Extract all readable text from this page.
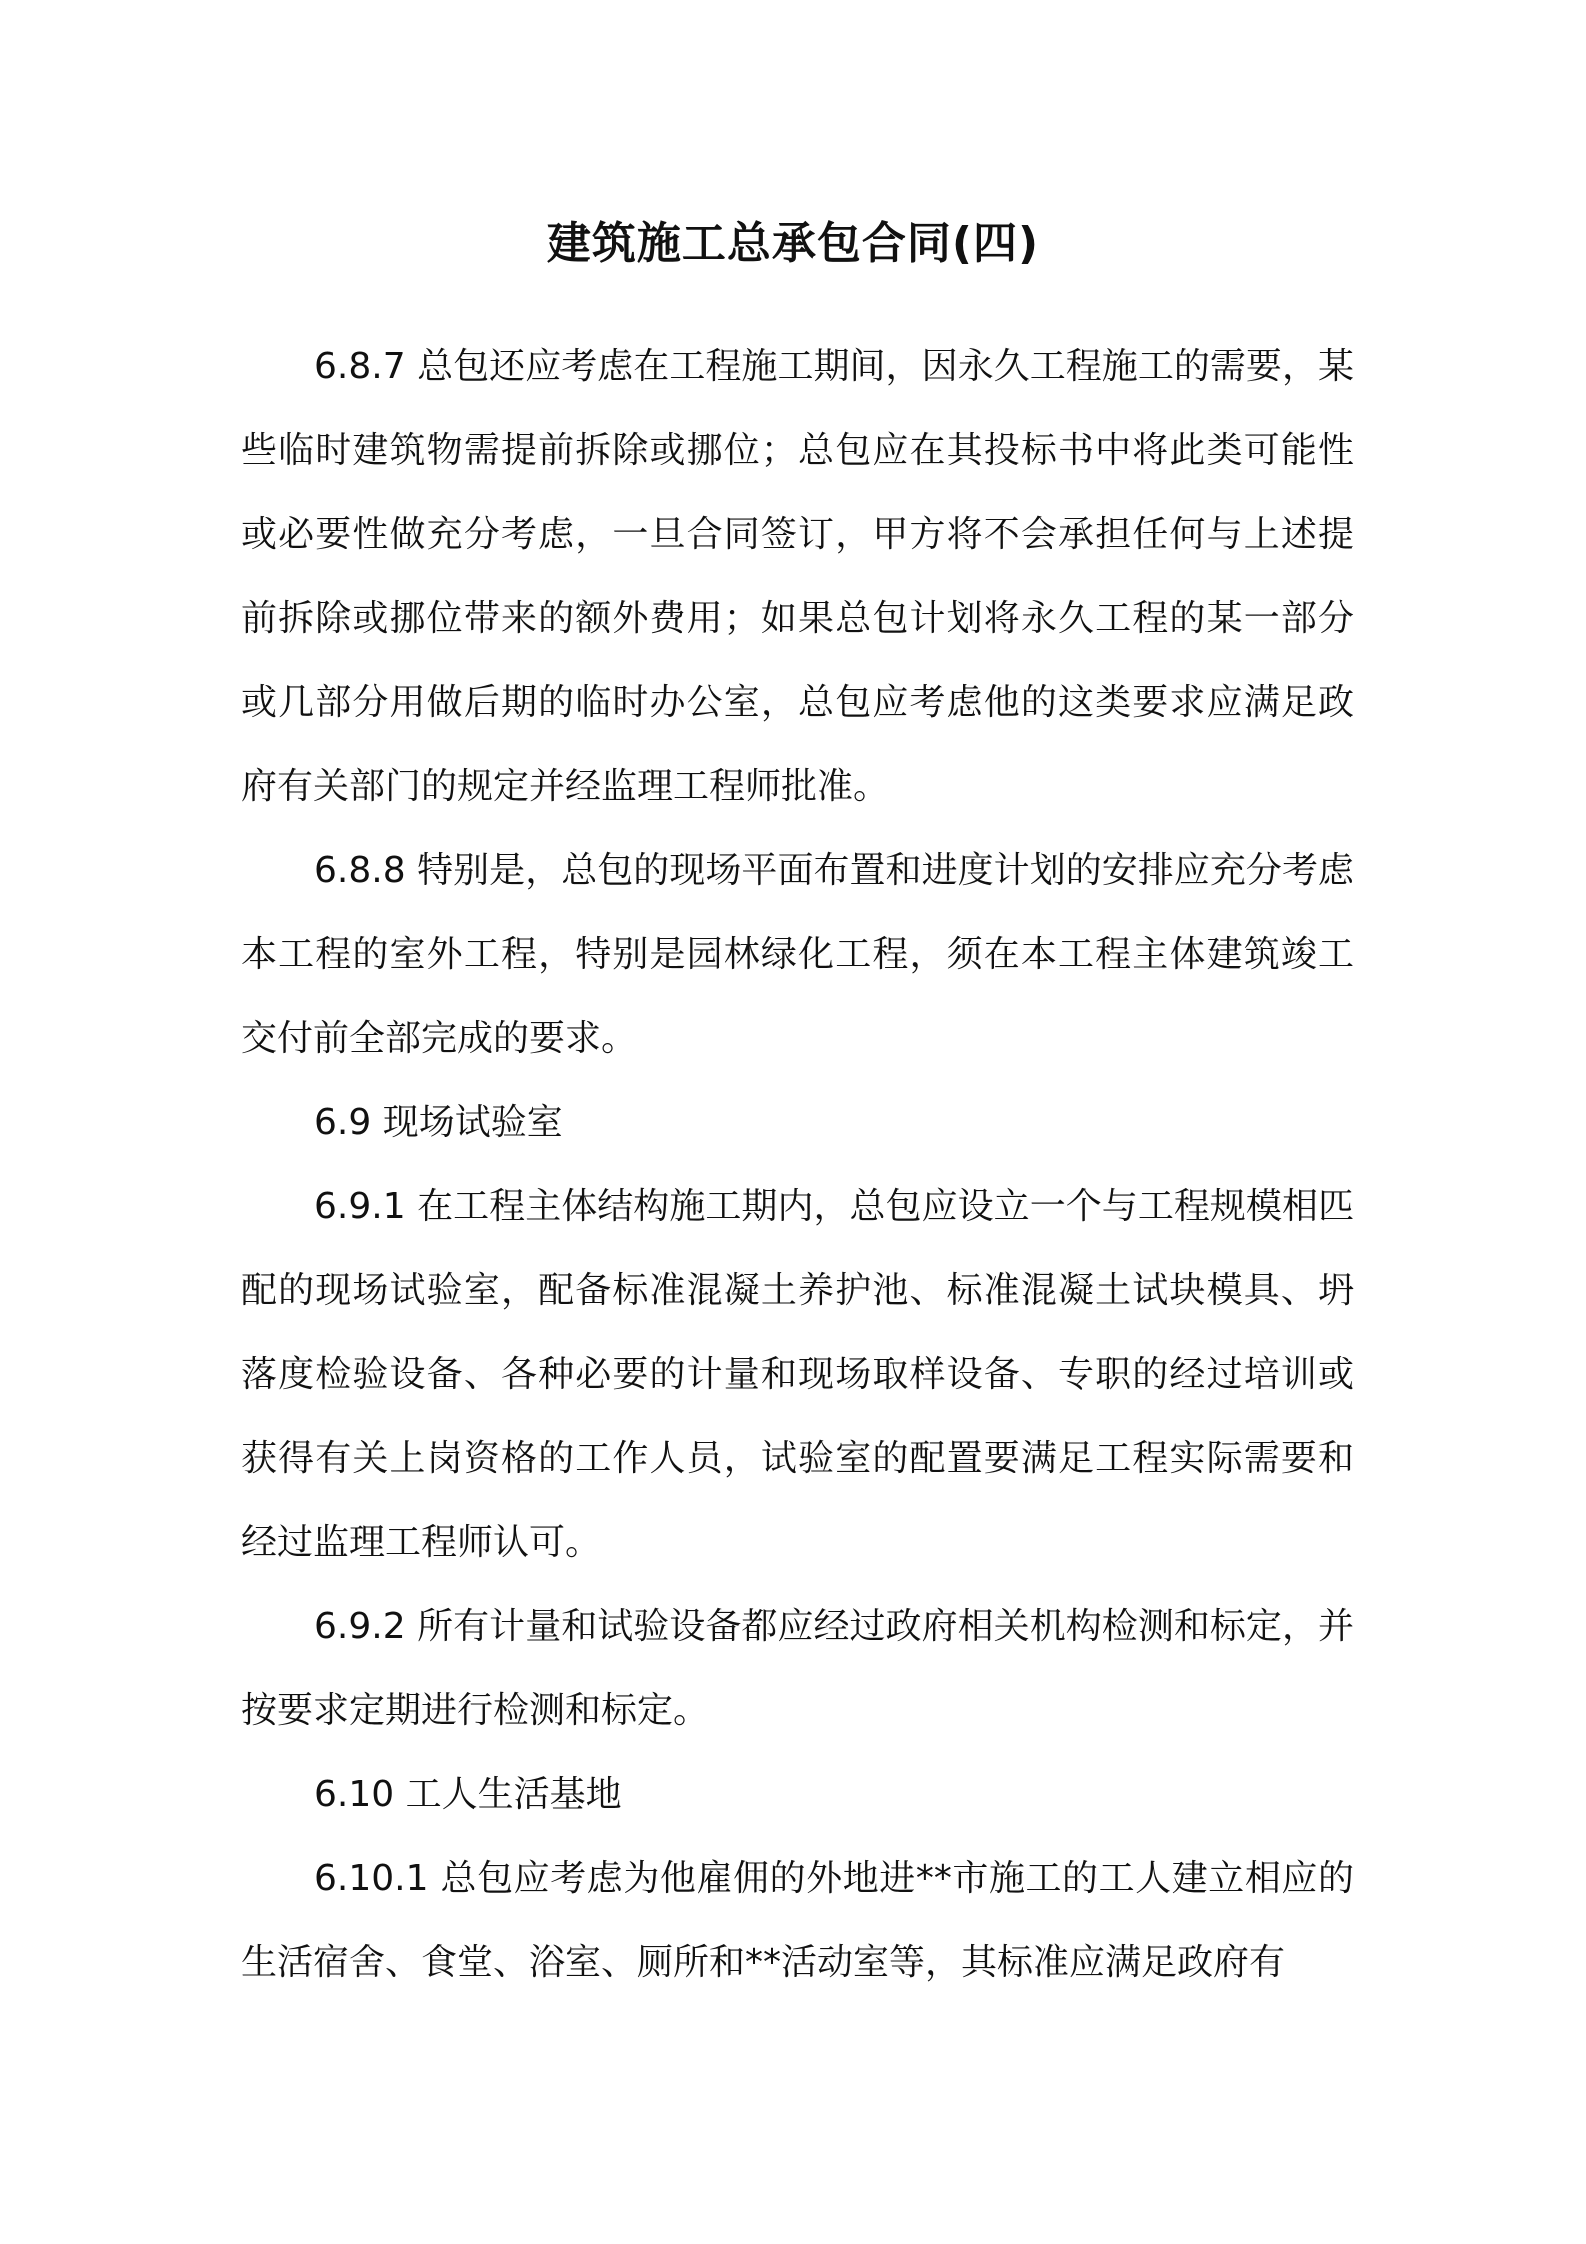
建筑施工总承包合同(四)

6.8.7 总包还应考虑在工程施工期间，因永久工程施工的需要，某些临时建筑物需提前拆除或挪位；总包应在其投标书中将此类可能性或必要性做充分考虑，一旦合同签订，甲方将不会承担任何与上述提前拆除或挪位带来的额外费用；如果总包计划将永久工程的某一部分或几部分用做后期的临时办公室，总包应考虑他的这类要求应满足政府有关部门的规定并经监理工程师批准。

6.8.8 特别是，总包的现场平面布置和进度计划的安排应充分考虑本工程的室外工程，特别是园林绿化工程，须在本工程主体建筑竣工交付前全部完成的要求。

6.9 现场试验室

6.9.1 在工程主体结构施工期内，总包应设立一个与工程规模相匹配的现场试验室，配备标准混凝土养护池、标准混凝土试块模具、坍落度检验设备、各种必要的计量和现场取样设备、专职的经过培训或获得有关上岗资格的工作人员，试验室的配置要满足工程实际需要和经过监理工程师认可。

6.9.2 所有计量和试验设备都应经过政府相关机构检测和标定，并按要求定期进行检测和标定。

6.10 工人生活基地

6.10.1 总包应考虑为他雇佣的外地进**市施工的工人建立相应的生活宿舍、食堂、浴室、厕所和**活动室等，其标准应满足政府有
